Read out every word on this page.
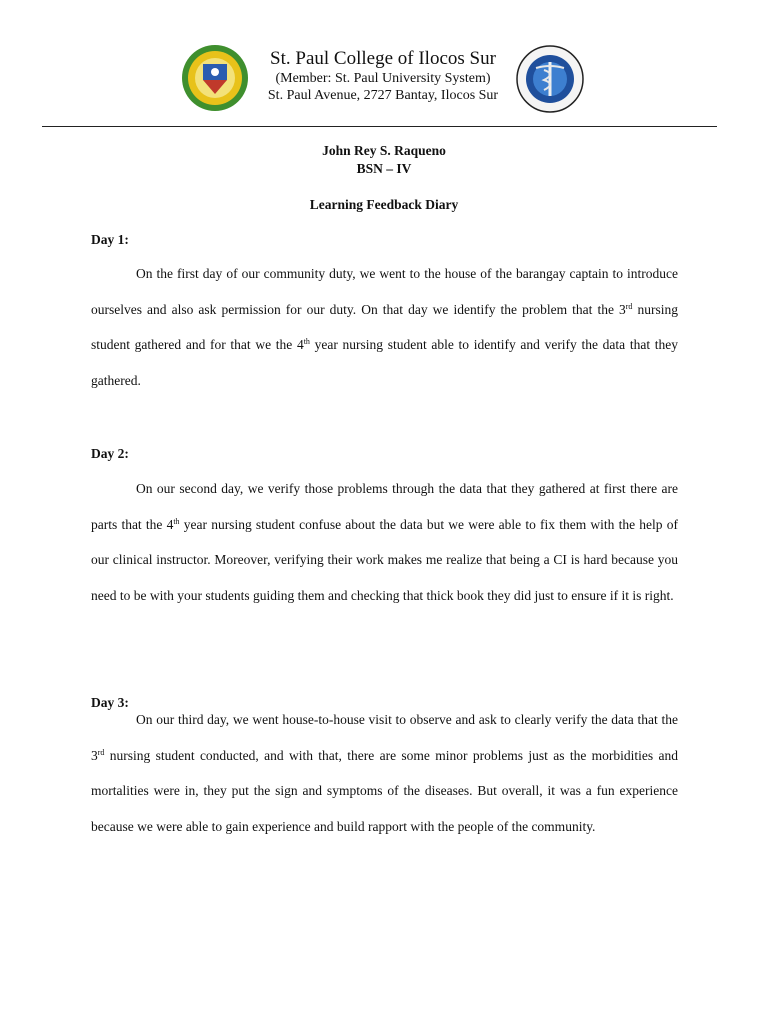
St. Paul College of Ilocos Sur
(Member: St. Paul University System)
St. Paul Avenue, 2727 Bantay, Ilocos Sur
John Rey S. Raqueno
BSN – IV
Learning Feedback Diary
Day 1:
On the first day of our community duty, we went to the house of the barangay captain to introduce ourselves and also ask permission for our duty. On that day we identify the problem that the 3rd nursing student gathered and for that we the 4th year nursing student able to identify and verify the data that they gathered.
Day 2:
On our second day, we verify those problems through the data that they gathered at first there are parts that the 4th year nursing student confuse about the data but we were able to fix them with the help of our clinical instructor. Moreover, verifying their work makes me realize that being a CI is hard because you need to be with your students guiding them and checking that thick book they did just to ensure if it is right.
Day 3:
On our third day, we went house-to-house visit to observe and ask to clearly verify the data that the 3rd nursing student conducted, and with that, there are some minor problems just as the morbidities and mortalities were in, they put the sign and symptoms of the diseases. But overall, it was a fun experience because we were able to gain experience and build rapport with the people of the community.
